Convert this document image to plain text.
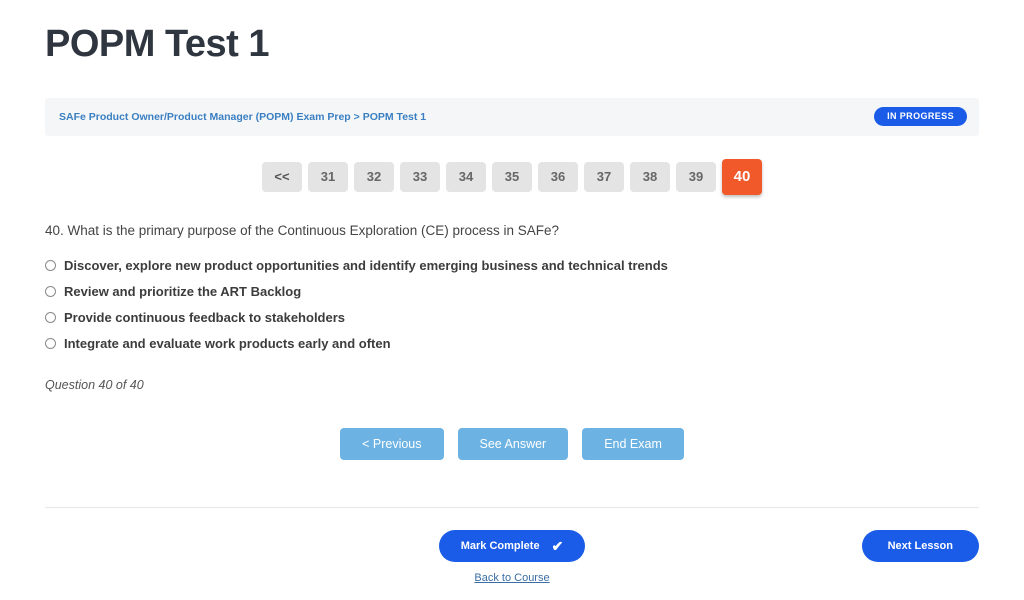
POPM Test 1
SAFe Product Owner/Product Manager (POPM) Exam Prep > POPM Test 1	IN PROGRESS
<<	31	32	33	34	35	36	37	38	39	40
40. What is the primary purpose of the Continuous Exploration (CE) process in SAFe?
Discover, explore new product opportunities and identify emerging business and technical trends
Review and prioritize the ART Backlog
Provide continuous feedback to stakeholders
Integrate and evaluate work products early and often
Question 40 of 40
< Previous	See Answer	End Exam
Mark Complete ✔	Next Lesson
Back to Course
